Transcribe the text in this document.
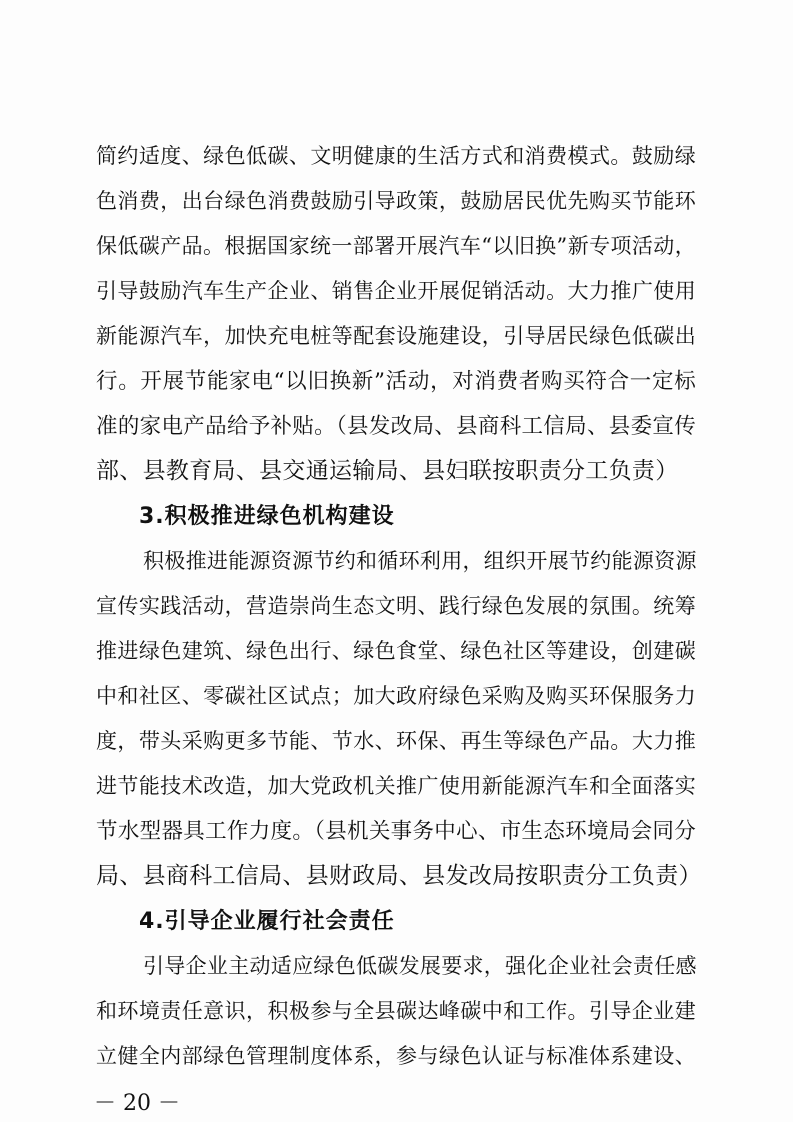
简约适度、绿色低碳、文明健康的生活方式和消费模式。鼓励绿
色消费，出台绿色消费鼓励引导政策，鼓励居民优先购买节能环
保低碳产品。根据国家统一部署开展汽车“以旧换”新专项活动，
引导鼓励汽车生产企业、销售企业开展促销活动。大力推广使用
新能源汽车，加快充电桩等配套设施建设，引导居民绿色低碳出
行。开展节能家电“以旧换新”活动，对消费者购买符合一定标
准的家电产品给予补贴。（县发改局、县商科工信局、县委宣传
部、县教育局、县交通运输局、县妇联按职责分工负责）
3.积极推进绿色机构建设
积极推进能源资源节约和循环利用，组织开展节约能源资源
宣传实践活动，营造崇尚生态文明、践行绿色发展的氛围。统筹
推进绿色建筑、绿色出行、绿色食堂、绿色社区等建设，创建碳
中和社区、零碳社区试点；加大政府绿色采购及购买环保服务力
度，带头采购更多节能、节水、环保、再生等绿色产品。大力推
进节能技术改造，加大党政机关推广使用新能源汽车和全面落实
节水型器具工作力度。（县机关事务中心、市生态环境局会同分
局、县商科工信局、县财政局、县发改局按职责分工负责）
4.引导企业履行社会责任
引导企业主动适应绿色低碳发展要求，强化企业社会责任感
和环境责任意识，积极参与全县碳达峰碳中和工作。引导企业建
立健全内部绿色管理制度体系，参与绿色认证与标准体系建设、
－ 20 －
